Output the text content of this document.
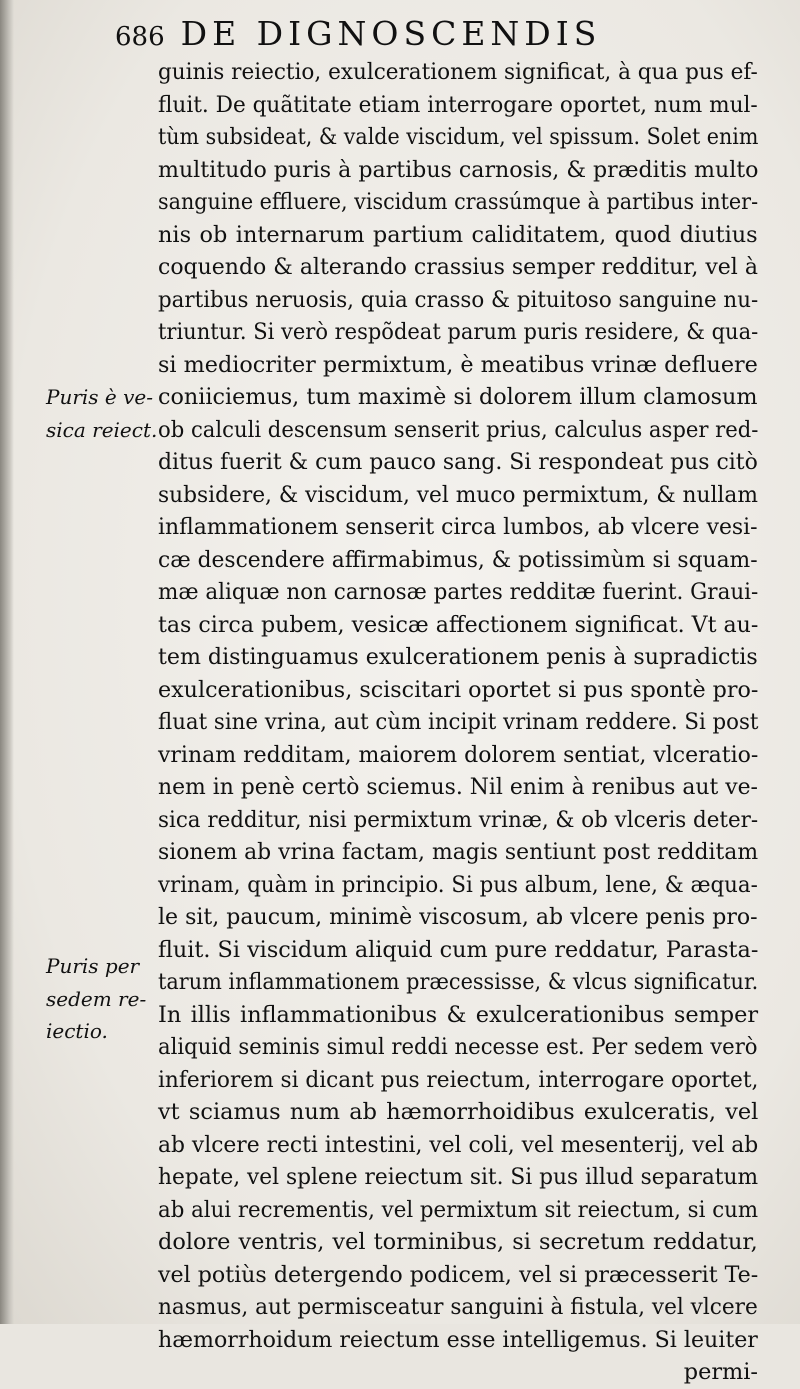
686 DE DIGNOSCENDIS
Puris è ve-
sica reiect.
Puris per
sedem re-
iectio.
guinis reiectio, exulcerationem significat, à qua pus ef-
fluit. De quãtitate etiam interrogare oportet, num mul-
tùm subsideat, & valde viscidum, vel spissum. Solet enim
multitudo puris à partibus carnosis, & præditis multo
sanguine effluere, viscidum crassúmque à partibus inter-
nis ob internarum partium caliditatem, quod diutius
coquendo & alterando crassius semper redditur, vel à
partibus neruosis, quia crasso & pituitoso sanguine nu-
triuntur. Si verò respõdeat parum puris residere, & qua-
si mediocriter permixtum, è meatibus vrinæ defluere
coniiciemus, tum maximè si dolorem illum clamosum
ob calculi descensum senserit prius, calculus asper red-
ditus fuerit & cum pauco sang. Si respondeat pus citò
subsidere, & viscidum, vel muco permixtum, & nullam
inflammationem senserit circa lumbos, ab vlcere vesi-
cæ descendere affirmabimus, & potissimùm si squam-
mæ aliquæ non carnosæ partes redditæ fuerint. Graui-
tas circa pubem, vesicæ affectionem significat. Vt au-
tem distinguamus exulcerationem penis à supradictis
exulcerationibus, sciscitari oportet si pus spontè pro-
fluat sine vrina, aut cùm incipit vrinam reddere. Si post
vrinam redditam, maiorem dolorem sentiat, vlceratio-
nem in penè certò sciemus. Nil enim à renibus aut ve-
sica redditur, nisi permixtum vrinæ, & ob vlceris deter-
sionem ab vrina factam, magis sentiunt post redditam
vrinam, quàm in principio. Si pus album, lene, & æqua-
le sit, paucum, minimè viscosum, ab vlcere penis pro-
fluit. Si viscidum aliquid cum pure reddatur, Parasta-
tarum inflammationem præcessisse, & vlcus significatur.
In illis inflammationibus & exulcerationibus semper
aliquid seminis simul reddi necesse est. Per sedem verò
inferiorem si dicant pus reiectum, interrogare oportet,
vt sciamus num ab hæmorrhoidibus exulceratis, vel
ab vlcere recti intestini, vel coli, vel mesenterij, vel ab
hepate, vel splene reiectum sit. Si pus illud separatum
ab alui recrementis, vel permixtum sit reiectum, si cum
dolore ventris, vel torminibus, si secretum reddatur,
vel potiùs detergendo podicem, vel si præcesserit Te-
nasmus, aut permisceatur sanguini à fistula, vel vlcere
hæmorrhoidum reiectum esse intelligemus. Si leuiter
permi-
